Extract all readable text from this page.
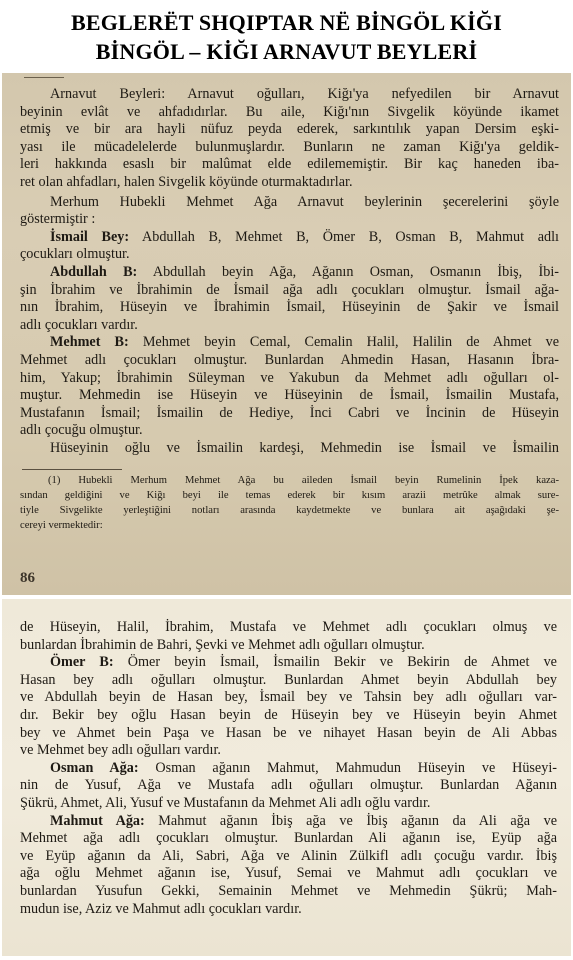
BEGLERËT SHQIPTAR NË BİNGÖL KİĞI
BİNGÖL – KİĞI ARNAVUT BEYLERİ

Arnavut Beyleri: Arnavut oğulları, Kiğı'ya nefyedilen bir Arnavut

beyinin evlât ve ahfadıdırlar. Bu aile, Kiğı'nın Sivgelik köyünde ikamet

etmiş ve bir ara hayli nüfuz peyda ederek, sarkıntılık yapan Dersim eşki-

yası ile mücadelelerde bulunmuşlardır. Bunların ne zaman Kiğı'ya geldik-

leri hakkında esaslı bir malûmat elde edilememiştir. Bir kaç haneden iba-

ret olan ahfadları, halen Sivgelik köyünde oturmaktadırlar.

Merhum Hubekli Mehmet Ağa Arnavut beylerinin şecerelerini şöyle

göstermiştir :

İsmail Bey: Abdullah B, Mehmet B, Ömer B, Osman B, Mahmut adlı

çocukları olmuştur.

Abdullah B: Abdullah beyin Ağa, Ağanın Osman, Osmanın İbiş, İbi-

şin İbrahim ve İbrahimin de İsmail ağa adlı çocukları olmuştur. İsmail ağa-

nın İbrahim, Hüseyin ve İbrahimin İsmail, Hüseyinin de Şakir ve İsmail

adlı çocukları vardır.

Mehmet B: Mehmet beyin Cemal, Cemalin Halil, Halilin de Ahmet ve

Mehmet adlı çocukları olmuştur. Bunlardan Ahmedin Hasan, Hasanın İbra-

him, Yakup; İbrahimin Süleyman ve Yakubun da Mehmet adlı oğulları ol-

muştur. Mehmedin ise Hüseyin ve Hüseyinin de İsmail, İsmailin Mustafa,

Mustafanın İsmail; İsmailin de Hediye, İnci Cabri ve İncinin de Hüseyin

adlı çocuğu olmuştur.

Hüseyinin oğlu ve İsmailin kardeşi, Mehmedin ise İsmail ve İsmailin

(1) Hubekli Merhum Mehmet Ağa bu aileden İsmail beyin Rumelinin İpek kaza-

sından geldiğini ve Kiğı beyi ile temas ederek bir kısım arazii metrûke almak sure-

tiyle Sivgelikte yerleştiğini notları arasında kaydetmekte ve bunlara ait aşağıdaki şe-

cereyi vermektedir:

86

de Hüseyin, Halil, İbrahim, Mustafa ve Mehmet adlı çocukları olmuş ve

bunlardan İbrahimin de Bahri, Şevki ve Mehmet adlı oğulları olmuştur.

Ömer B: Ömer beyin İsmail, İsmailin Bekir ve Bekirin de Ahmet ve

Hasan bey adlı oğulları olmuştur. Bunlardan Ahmet beyin Abdullah bey

ve Abdullah beyin de Hasan bey, İsmail bey ve Tahsin bey adlı oğulları var-

dır. Bekir bey oğlu Hasan beyin de Hüseyin bey ve Hüseyin beyin Ahmet

bey ve Ahmet bein Paşa ve Hasan be ve nihayet Hasan beyin de Ali Abbas

ve Mehmet bey adlı oğulları vardır.

Osman Ağa: Osman ağanın Mahmut, Mahmudun Hüseyin ve Hüseyi-

nin de Yusuf, Ağa ve Mustafa adlı oğulları olmuştur. Bunlardan Ağanın

Şükrü, Ahmet, Ali, Yusuf ve Mustafanın da Mehmet Ali adlı oğlu vardır.

Mahmut Ağa: Mahmut ağanın İbiş ağa ve İbiş ağanın da Ali ağa ve

Mehmet ağa adlı çocukları olmuştur. Bunlardan Ali ağanın ise, Eyüp ağa

ve Eyüp ağanın da Ali, Sabri, Ağa ve Alinin Zülkifl adlı çocuğu vardır. İbiş

ağa oğlu Mehmet ağanın ise, Yusuf, Semai ve Mahmut adlı çocukları ve

bunlardan Yusufun Gekki, Semainin Mehmet ve Mehmedin Şükrü; Mah-

mudun ise, Aziz ve Mahmut adlı çocukları vardır.
